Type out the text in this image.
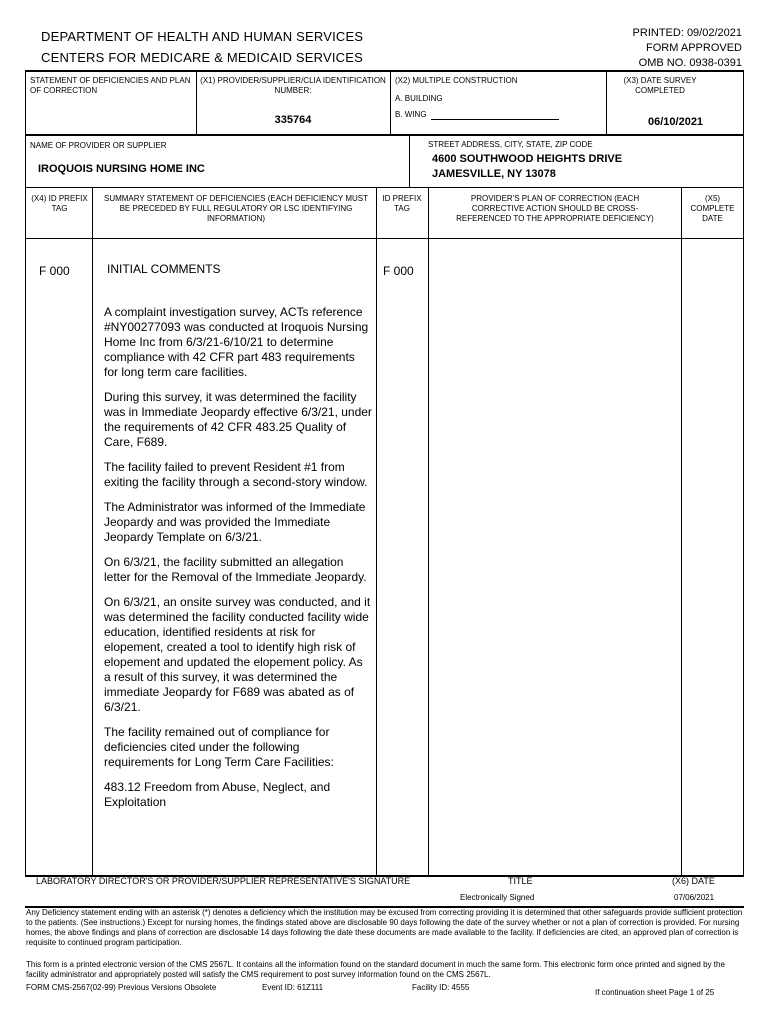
DEPARTMENT OF HEALTH AND HUMAN SERVICES
CENTERS FOR MEDICARE & MEDICAID SERVICES
PRINTED: 09/02/2021
FORM APPROVED
OMB NO. 0938-0391
STATEMENT OF DEFICIENCIES AND PLAN OF CORRECTION
(X1) PROVIDER/SUPPLIER/CLIA IDENTIFICATION NUMBER:
335764
(X2) MULTIPLE CONSTRUCTION
A. BUILDING
B. WING
(X3) DATE SURVEY COMPLETED
06/10/2021
NAME OF PROVIDER OR SUPPLIER
IROQUOIS NURSING HOME INC
STREET ADDRESS, CITY, STATE, ZIP CODE
4600 SOUTHWOOD HEIGHTS DRIVE
JAMESVILLE, NY 13078
(X4) ID PREFIX TAG
SUMMARY STATEMENT OF DEFICIENCIES (EACH DEFICIENCY MUST BE PRECEDED BY FULL REGULATORY OR LSC IDENTIFYING INFORMATION)
ID PREFIX TAG
PROVIDER'S PLAN OF CORRECTION (EACH CORRECTIVE ACTION SHOULD BE CROSS-REFERENCED TO THE APPROPRIATE DEFICIENCY)
(X5) COMPLETE DATE
F 000	F 000
INITIAL COMMENTS

A complaint investigation survey, ACTs reference #NY00277093 was conducted at Iroquois Nursing Home Inc from 6/3/21-6/10/21 to determine compliance with 42 CFR part 483 requirements for long term care facilities.

During this survey, it was determined the facility was in Immediate Jeopardy effective 6/3/21, under the requirements of 42 CFR 483.25 Quality of Care, F689.

The facility failed to prevent Resident #1 from exiting the facility through a second-story window.

The Administrator was informed of the Immediate Jeopardy and was provided the Immediate Jeopardy Template on 6/3/21.

On 6/3/21, the facility submitted an allegation letter for the Removal of the Immediate Jeopardy.

On 6/3/21, an onsite survey was conducted, and it was determined the facility conducted facility wide education, identified residents at risk for elopement, created a tool to identify high risk of elopement and updated the elopement policy. As a result of this survey, it was determined the immediate Jeopardy for F689 was abated as of 6/3/21.

The facility remained out of compliance for deficiencies cited under the following requirements for Long Term Care Facilities:

483.12 Freedom from Abuse, Neglect, and Exploitation

LABORATORY DIRECTOR'S OR PROVIDER/SUPPLIER REPRESENTATIVE'S SIGNATURE	TITLE	(X6) DATE
Electronically Signed	07/06/2021
Any Deficiency statement ending with an asterisk (*) denotes a deficiency which the institution may be excused from correcting providing it is determined that other safeguards provide sufficient protection to the patients. (See instructions.) Except for nursing homes, the findings stated above are disclosable 90 days following the date of the survey whether or not a plan of correction is provided. For nursing homes, the above findings and plans of correction are disclosable 14 days following the date these documents are made available to the facility. If deficiencies are cited, an approved plan of correction is requisite to continued program participation.
This form is a printed electronic version of the CMS 2567L. It contains all the information found on the standard document in much the same form. This electronic form once printed and signed by the facility administrator and appropriately posted will satisfy the CMS requirement to post survey information found on the CMS 2567L.
FORM CMS-2567(02-99) Previous Versions Obsolete	Event ID: 61Z111	Facility ID: 4555
If continuation sheet Page 1 of 25
